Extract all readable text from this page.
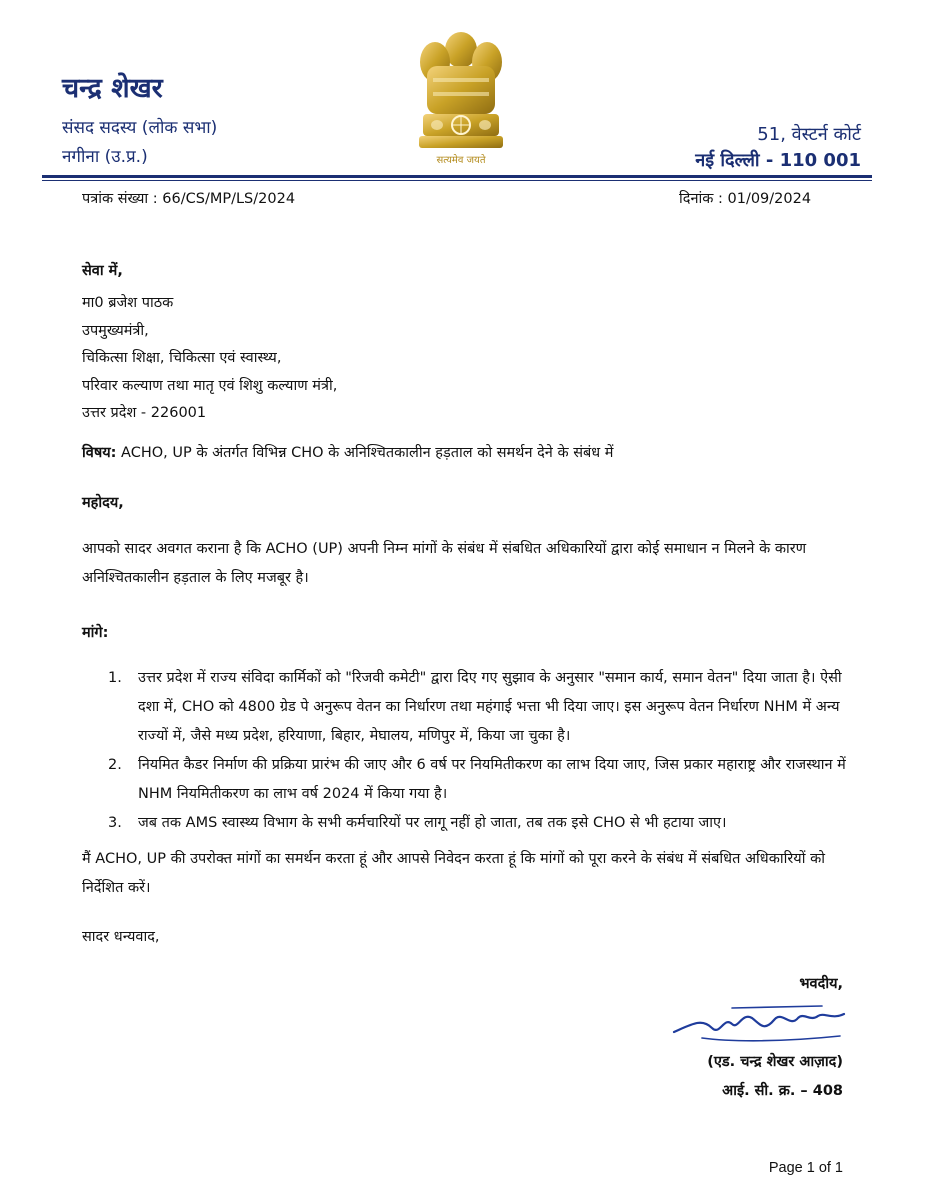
चन्द्र शेखर
संसद सदस्य (लोक सभा)
नगीना (उ.प्र.)	सत्यमेव जयते
51, वेस्टर्न कोर्ट
नई दिल्ली - 110 001
पत्रांक संख्या : 66/CS/MP/LS/2024	दिनांक : 01/09/2024
सेवा में,
मा0 ब्रजेश पाठक
उपमुख्यमंत्री,
चिकित्सा शिक्षा, चिकित्सा एवं स्वास्थ्य,
परिवार कल्याण तथा मातृ एवं शिशु कल्याण मंत्री,
उत्तर प्रदेश - 226001
विषय: ACHO, UP के अंतर्गत विभिन्न CHO के अनिश्चितकालीन हड़ताल को समर्थन देने के संबंध में
महोदय,
आपको सादर अवगत कराना है कि ACHO (UP) अपनी निम्न मांगों के संबंध में संबधित अधिकारियों द्वारा कोई समाधान न मिलने के कारण अनिश्चितकालीन हड़ताल के लिए मजबूर है।
मांगे:
1. उत्तर प्रदेश में राज्य संविदा कार्मिकों को "रिजवी कमेटी" द्वारा दिए गए सुझाव के अनुसार "समान कार्य, समान वेतन" दिया जाता है। ऐसी दशा में, CHO को 4800 ग्रेड पे अनुरूप वेतन का निर्धारण तथा महंगाई भत्ता भी दिया जाए। इस अनुरूप वेतन निर्धारण NHM में अन्य राज्यों में, जैसे मध्य प्रदेश, हरियाणा, बिहार, मेघालय, मणिपुर में, किया जा चुका है।
2. नियमित कैडर निर्माण की प्रक्रिया प्रारंभ की जाए और 6 वर्ष पर नियमितीकरण का लाभ दिया जाए, जिस प्रकार महाराष्ट्र और राजस्थान में NHM नियमितीकरण का लाभ वर्ष 2024 में किया गया है।
3. जब तक AMS स्वास्थ्य विभाग के सभी कर्मचारियों पर लागू नहीं हो जाता, तब तक इसे CHO से भी हटाया जाए।
मैं ACHO, UP की उपरोक्त मांगों का समर्थन करता हूं और आपसे निवेदन करता हूं कि मांगों को पूरा करने के संबंध में संबधित अधिकारियों को निर्देशित करें।
सादर धन्यवाद,
भवदीय,
(एड. चन्द्र शेखर आज़ाद)
आई. सी. क्र. – 408
Page 1 of 1
